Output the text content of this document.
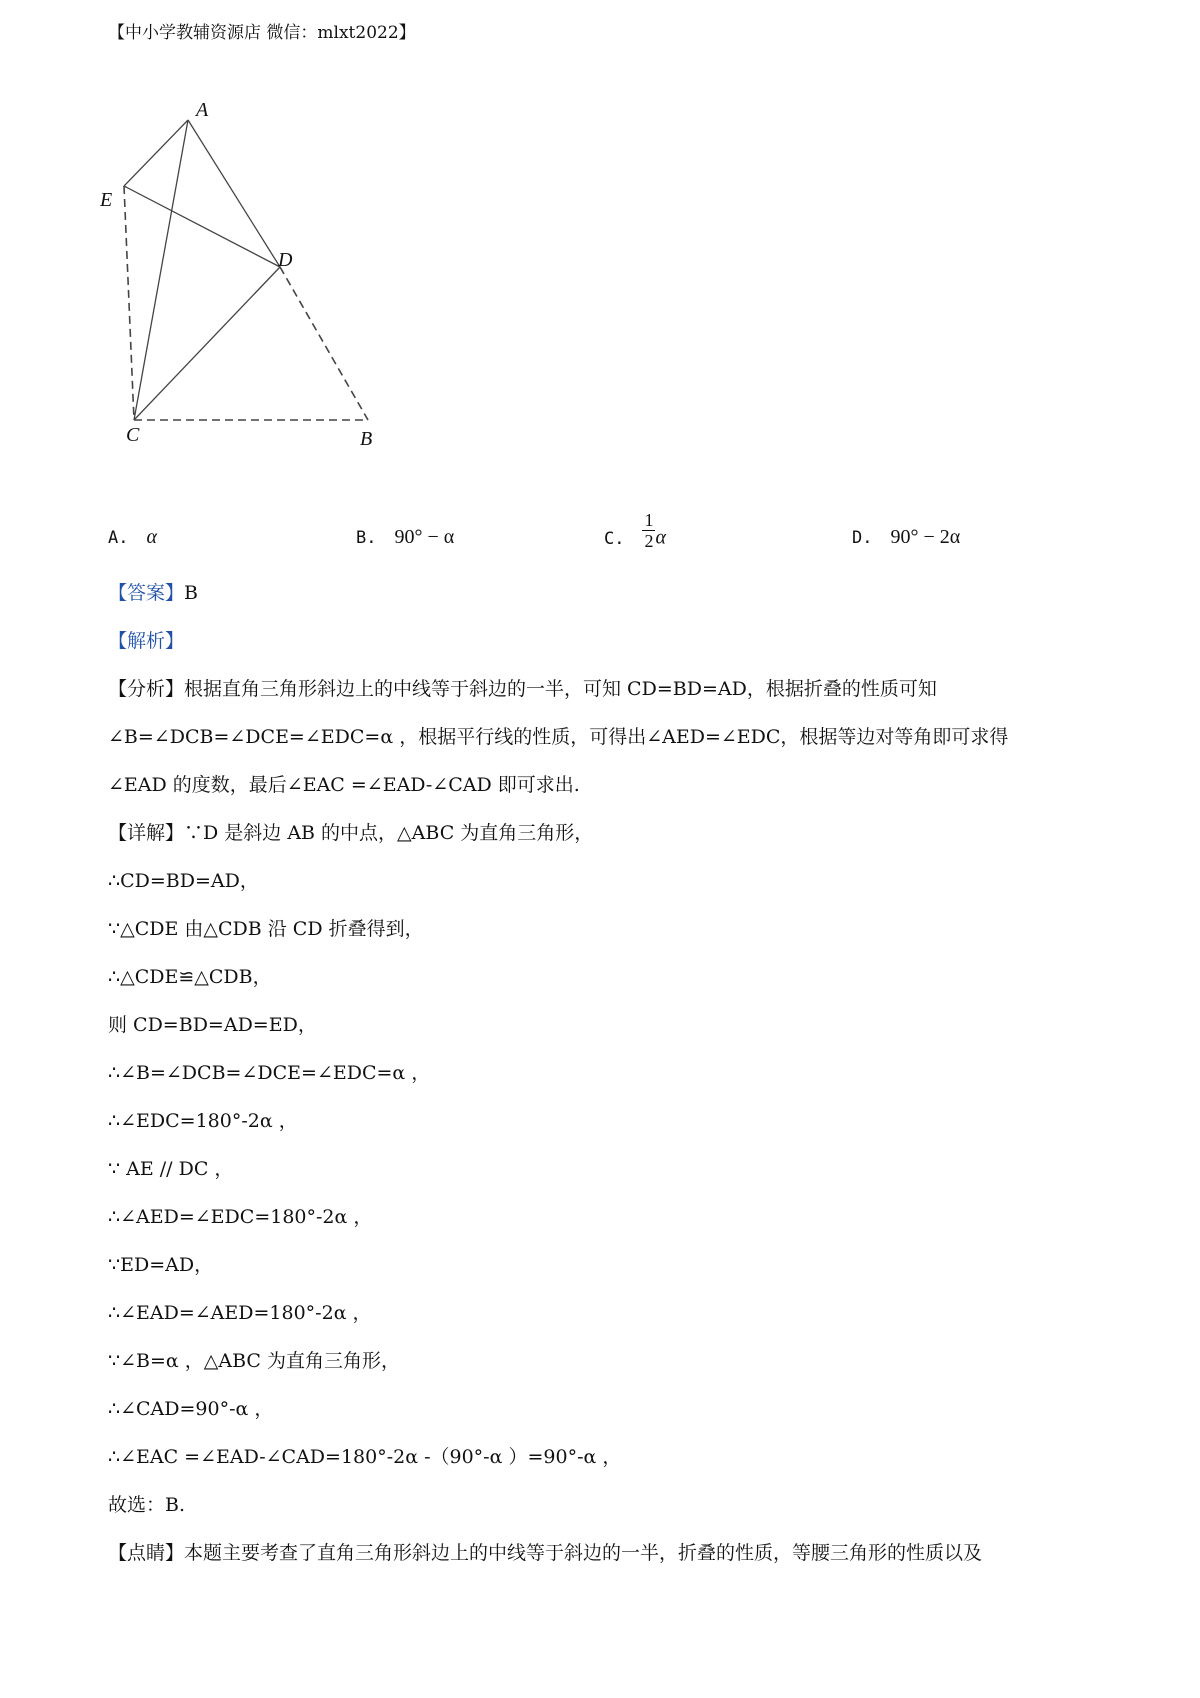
【中小学教辅资源店 微信：mlxt2022】
A
E
D
C	B
A. α	B. 90° − α	C. $\frac{1}{2}$ α	D. 90° − 2α
【答案】B
【解析】
【分析】根据直角三角形斜边上的中线等于斜边的一半，可知 CD=BD=AD，根据折叠的性质可知
∠B=∠DCB=∠DCE=∠EDC=α ，根据平行线的性质，可得出∠AED=∠EDC，根据等边对等角即可求得
∠EAD 的度数，最后∠EAC =∠EAD-∠CAD 即可求出.
【详解】∵D 是斜边 AB 的中点，△ABC 为直角三角形，
∴CD=BD=AD，
∵△CDE 由△CDB 沿 CD 折叠得到，
∴△CDE≌△CDB，
则 CD=BD=AD=ED，
∴∠B=∠DCB=∠DCE=∠EDC=α ，
∴∠EDC=180°-2α ，
∵ AE // DC ，
∴∠AED=∠EDC=180°-2α ，
∵ED=AD，
∴∠EAD=∠AED=180°-2α ，
∵∠B=α ，△ABC 为直角三角形，
∴∠CAD=90°-α ，
∴∠EAC =∠EAD-∠CAD=180°-2α -（90°-α ）=90°-α ，
故选：B.
【点睛】本题主要考查了直角三角形斜边上的中线等于斜边的一半，折叠的性质，等腰三角形的性质以及
